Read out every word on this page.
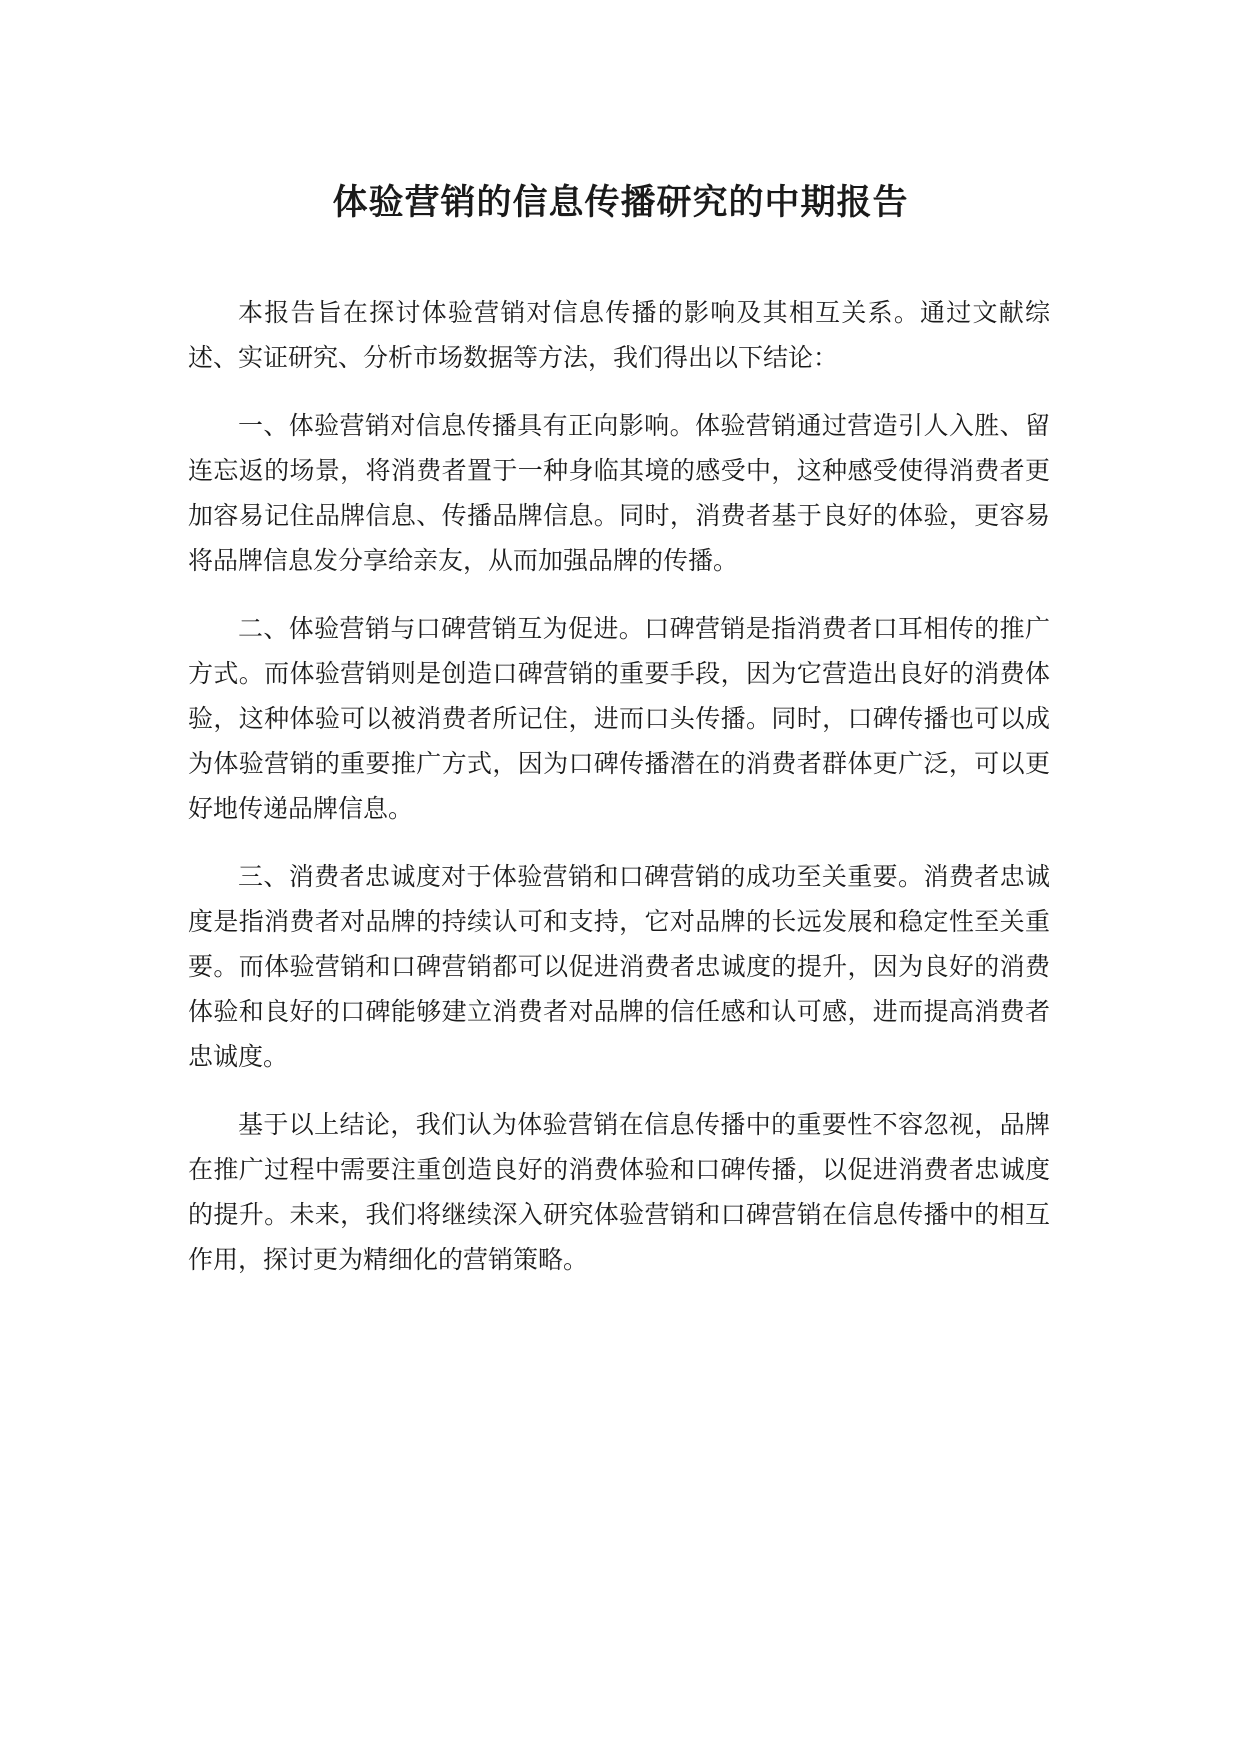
体验营销的信息传播研究的中期报告

本报告旨在探讨体验营销对信息传播的影响及其相互关系。通过文献综述、实证研究、分析市场数据等方法，我们得出以下结论：

一、体验营销对信息传播具有正向影响。体验营销通过营造引人入胜、留连忘返的场景，将消费者置于一种身临其境的感受中，这种感受使得消费者更加容易记住品牌信息、传播品牌信息。同时，消费者基于良好的体验，更容易将品牌信息发分享给亲友，从而加强品牌的传播。

二、体验营销与口碑营销互为促进。口碑营销是指消费者口耳相传的推广方式。而体验营销则是创造口碑营销的重要手段，因为它营造出良好的消费体验，这种体验可以被消费者所记住，进而口头传播。同时，口碑传播也可以成为体验营销的重要推广方式，因为口碑传播潜在的消费者群体更广泛，可以更好地传递品牌信息。

三、消费者忠诚度对于体验营销和口碑营销的成功至关重要。消费者忠诚度是指消费者对品牌的持续认可和支持，它对品牌的长远发展和稳定性至关重要。而体验营销和口碑营销都可以促进消费者忠诚度的提升，因为良好的消费体验和良好的口碑能够建立消费者对品牌的信任感和认可感，进而提高消费者忠诚度。

基于以上结论，我们认为体验营销在信息传播中的重要性不容忽视，品牌在推广过程中需要注重创造良好的消费体验和口碑传播，以促进消费者忠诚度的提升。未来，我们将继续深入研究体验营销和口碑营销在信息传播中的相互作用，探讨更为精细化的营销策略。
